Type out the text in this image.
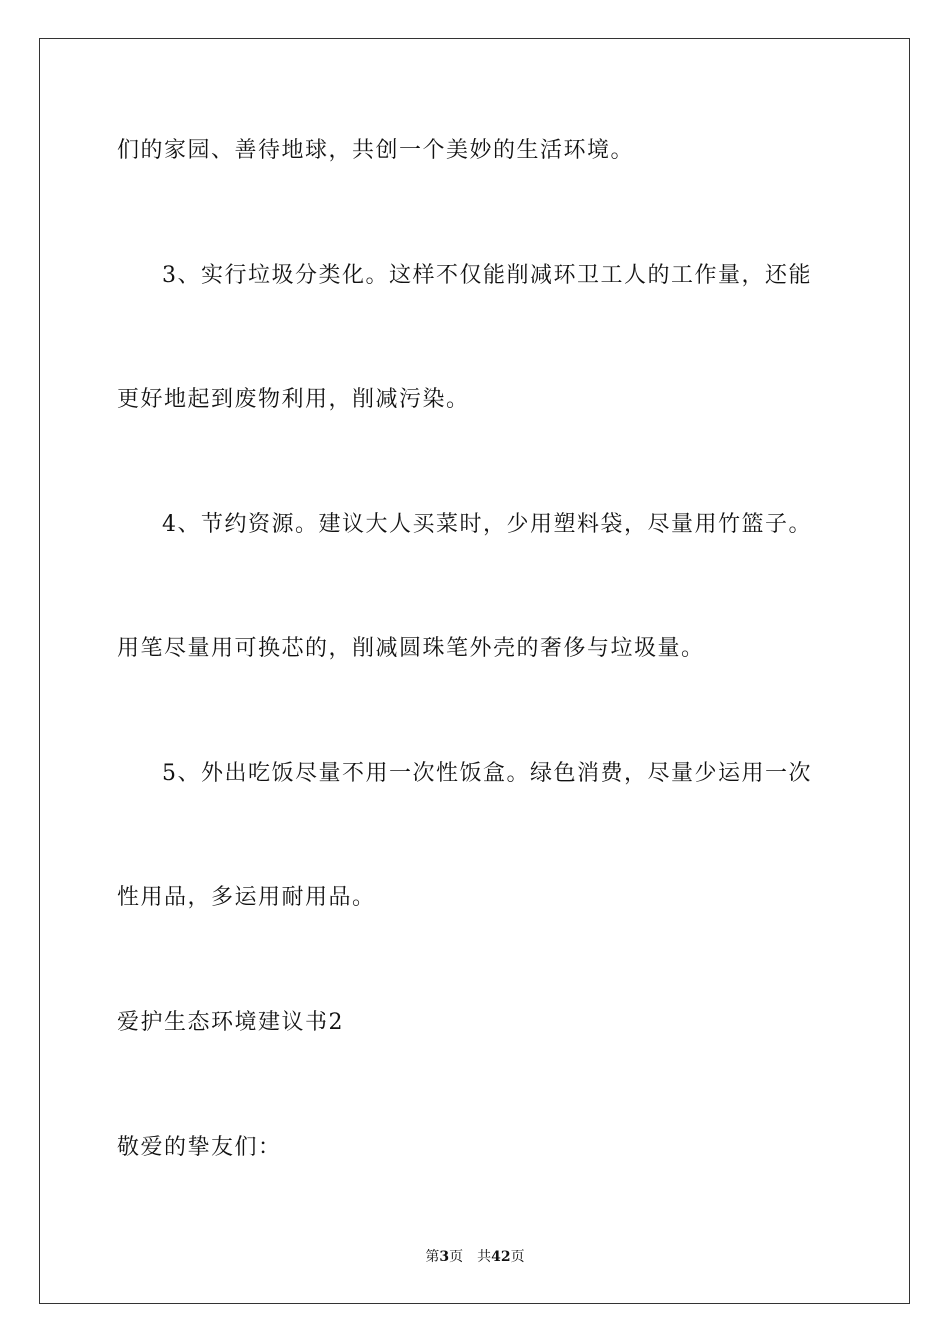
们的家园、善待地球，共创一个美妙的生活环境。
3、实行垃圾分类化。这样不仅能削减环卫工人的工作量，还能
更好地起到废物利用，削减污染。
4、节约资源。建议大人买菜时，少用塑料袋，尽量用竹篮子。
用笔尽量用可换芯的，削减圆珠笔外壳的奢侈与垃圾量。
5、外出吃饭尽量不用一次性饭盒。绿色消费，尽量少运用一次
性用品，多运用耐用品。
爱护生态环境建议书2
敬爱的挚友们：
第3页 共42页
